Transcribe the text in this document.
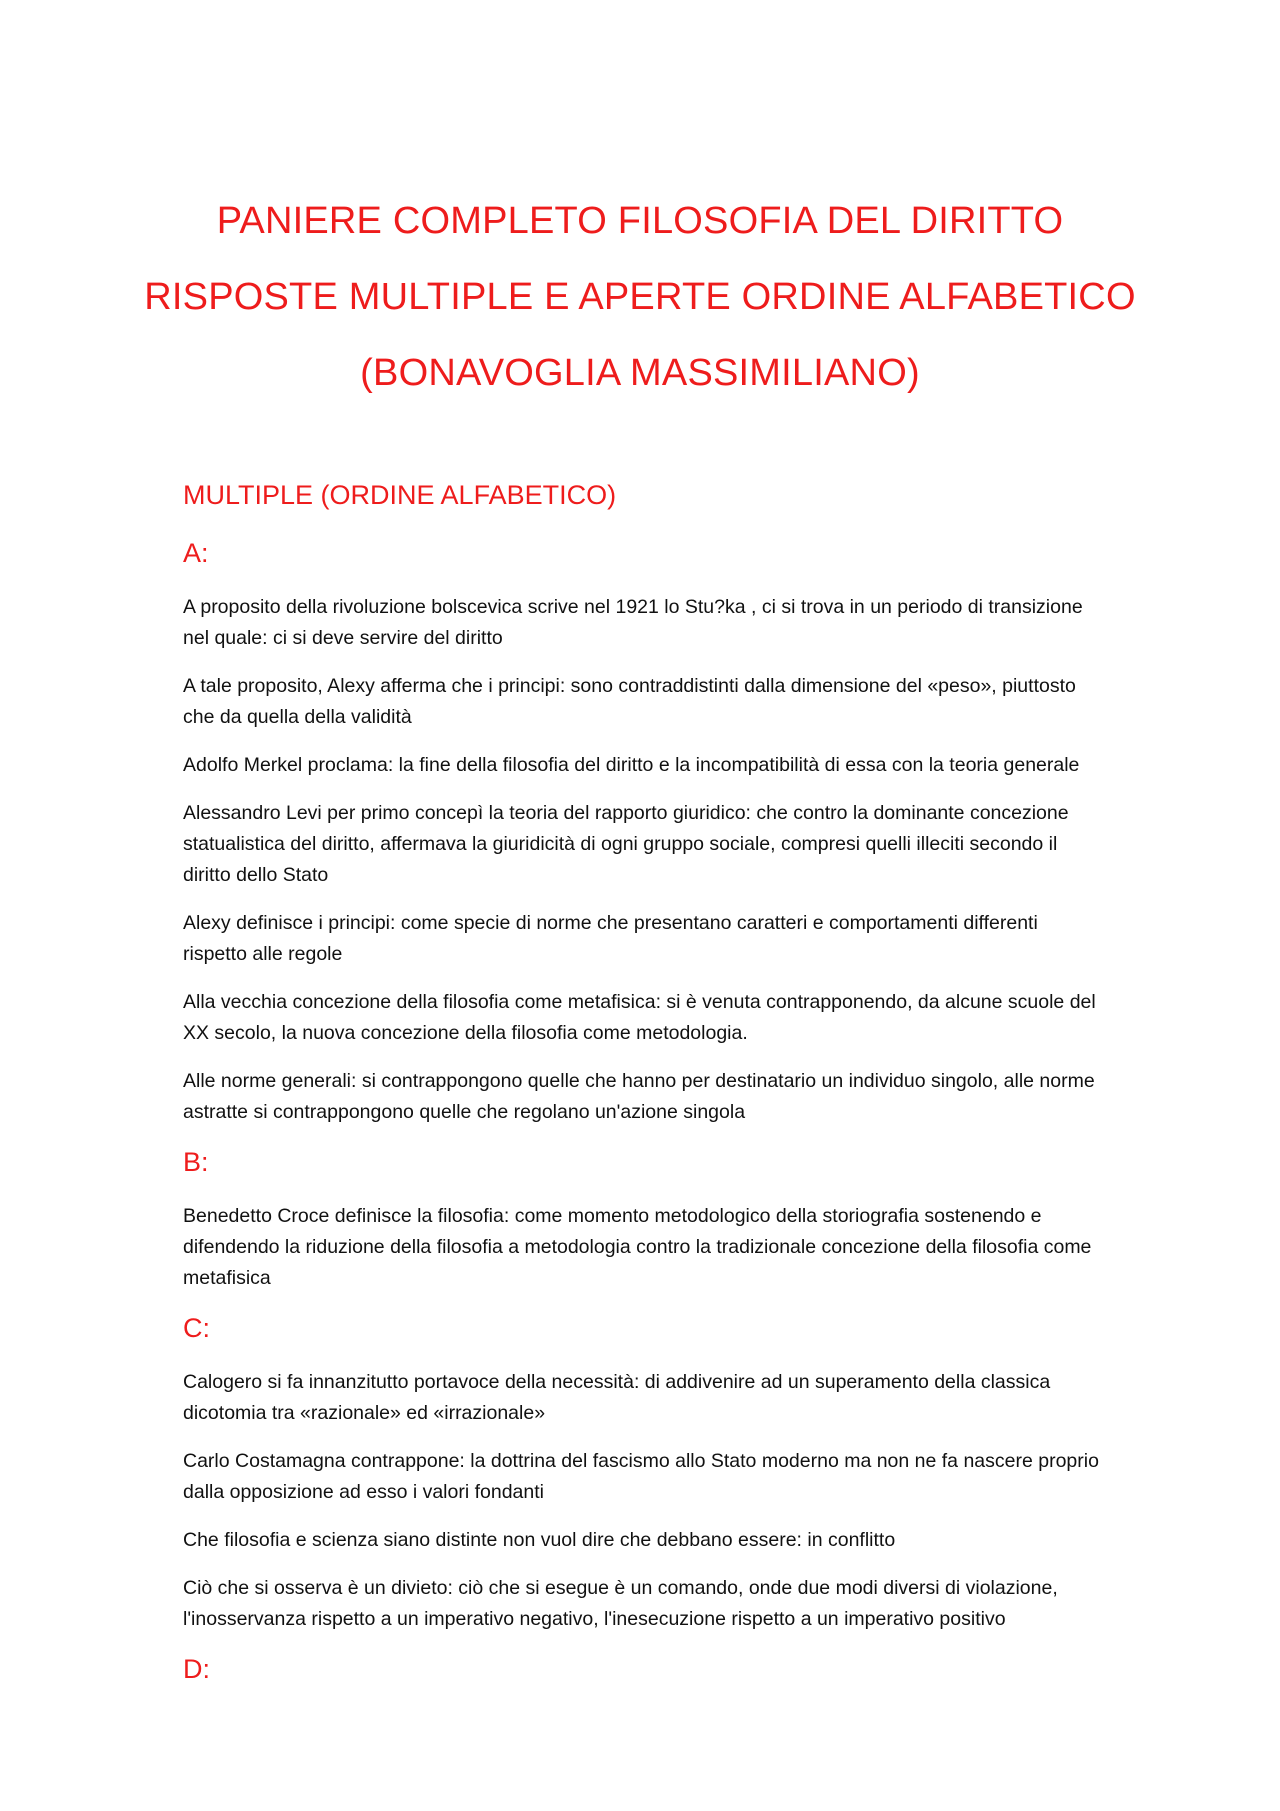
PANIERE COMPLETO FILOSOFIA DEL DIRITTO

RISPOSTE MULTIPLE E APERTE ORDINE ALFABETICO

(BONAVOGLIA MASSIMILIANO)

MULTIPLE (ORDINE ALFABETICO)
A:

A proposito della rivoluzione bolscevica scrive nel 1921 lo Stu?ka , ci si trova in un periodo di transizione nel quale: ci si deve servire del diritto

A tale proposito, Alexy afferma che i principi: sono contraddistinti dalla dimensione del «peso», piuttosto che da quella della validità

Adolfo Merkel proclama: la fine della filosofia del diritto e la incompatibilità di essa con la teoria generale

Alessandro Levi per primo concepì la teoria del rapporto giuridico: che contro la dominante concezione statualistica del diritto, affermava la giuridicità di ogni gruppo sociale, compresi quelli illeciti secondo il diritto dello Stato

Alexy definisce i principi: come specie di norme che presentano caratteri e comportamenti differenti rispetto alle regole

Alla vecchia concezione della filosofia come metafisica: si è venuta contrapponendo, da alcune scuole del XX secolo, la nuova concezione della filosofia come metodologia.

Alle norme generali: si contrappongono quelle che hanno per destinatario un individuo singolo, alle norme astratte si contrappongono quelle che regolano un'azione singola

B:

Benedetto Croce definisce la filosofia: come momento metodologico della storiografia sostenendo e difendendo la riduzione della filosofia a metodologia contro la tradizionale concezione della filosofia come metafisica

C:

Calogero si fa innanzitutto portavoce della necessità: di addivenire ad un superamento della classica dicotomia tra «razionale» ed «irrazionale»

Carlo Costamagna contrappone: la dottrina del fascismo allo Stato moderno ma non ne fa nascere proprio dalla opposizione ad esso i valori fondanti

Che filosofia e scienza siano distinte non vuol dire che debbano essere: in conflitto

Ciò che si osserva è un divieto: ciò che si esegue è un comando, onde due modi diversi di violazione, l'inosservanza rispetto a un imperativo negativo, l'inesecuzione rispetto a un imperativo positivo

D:
